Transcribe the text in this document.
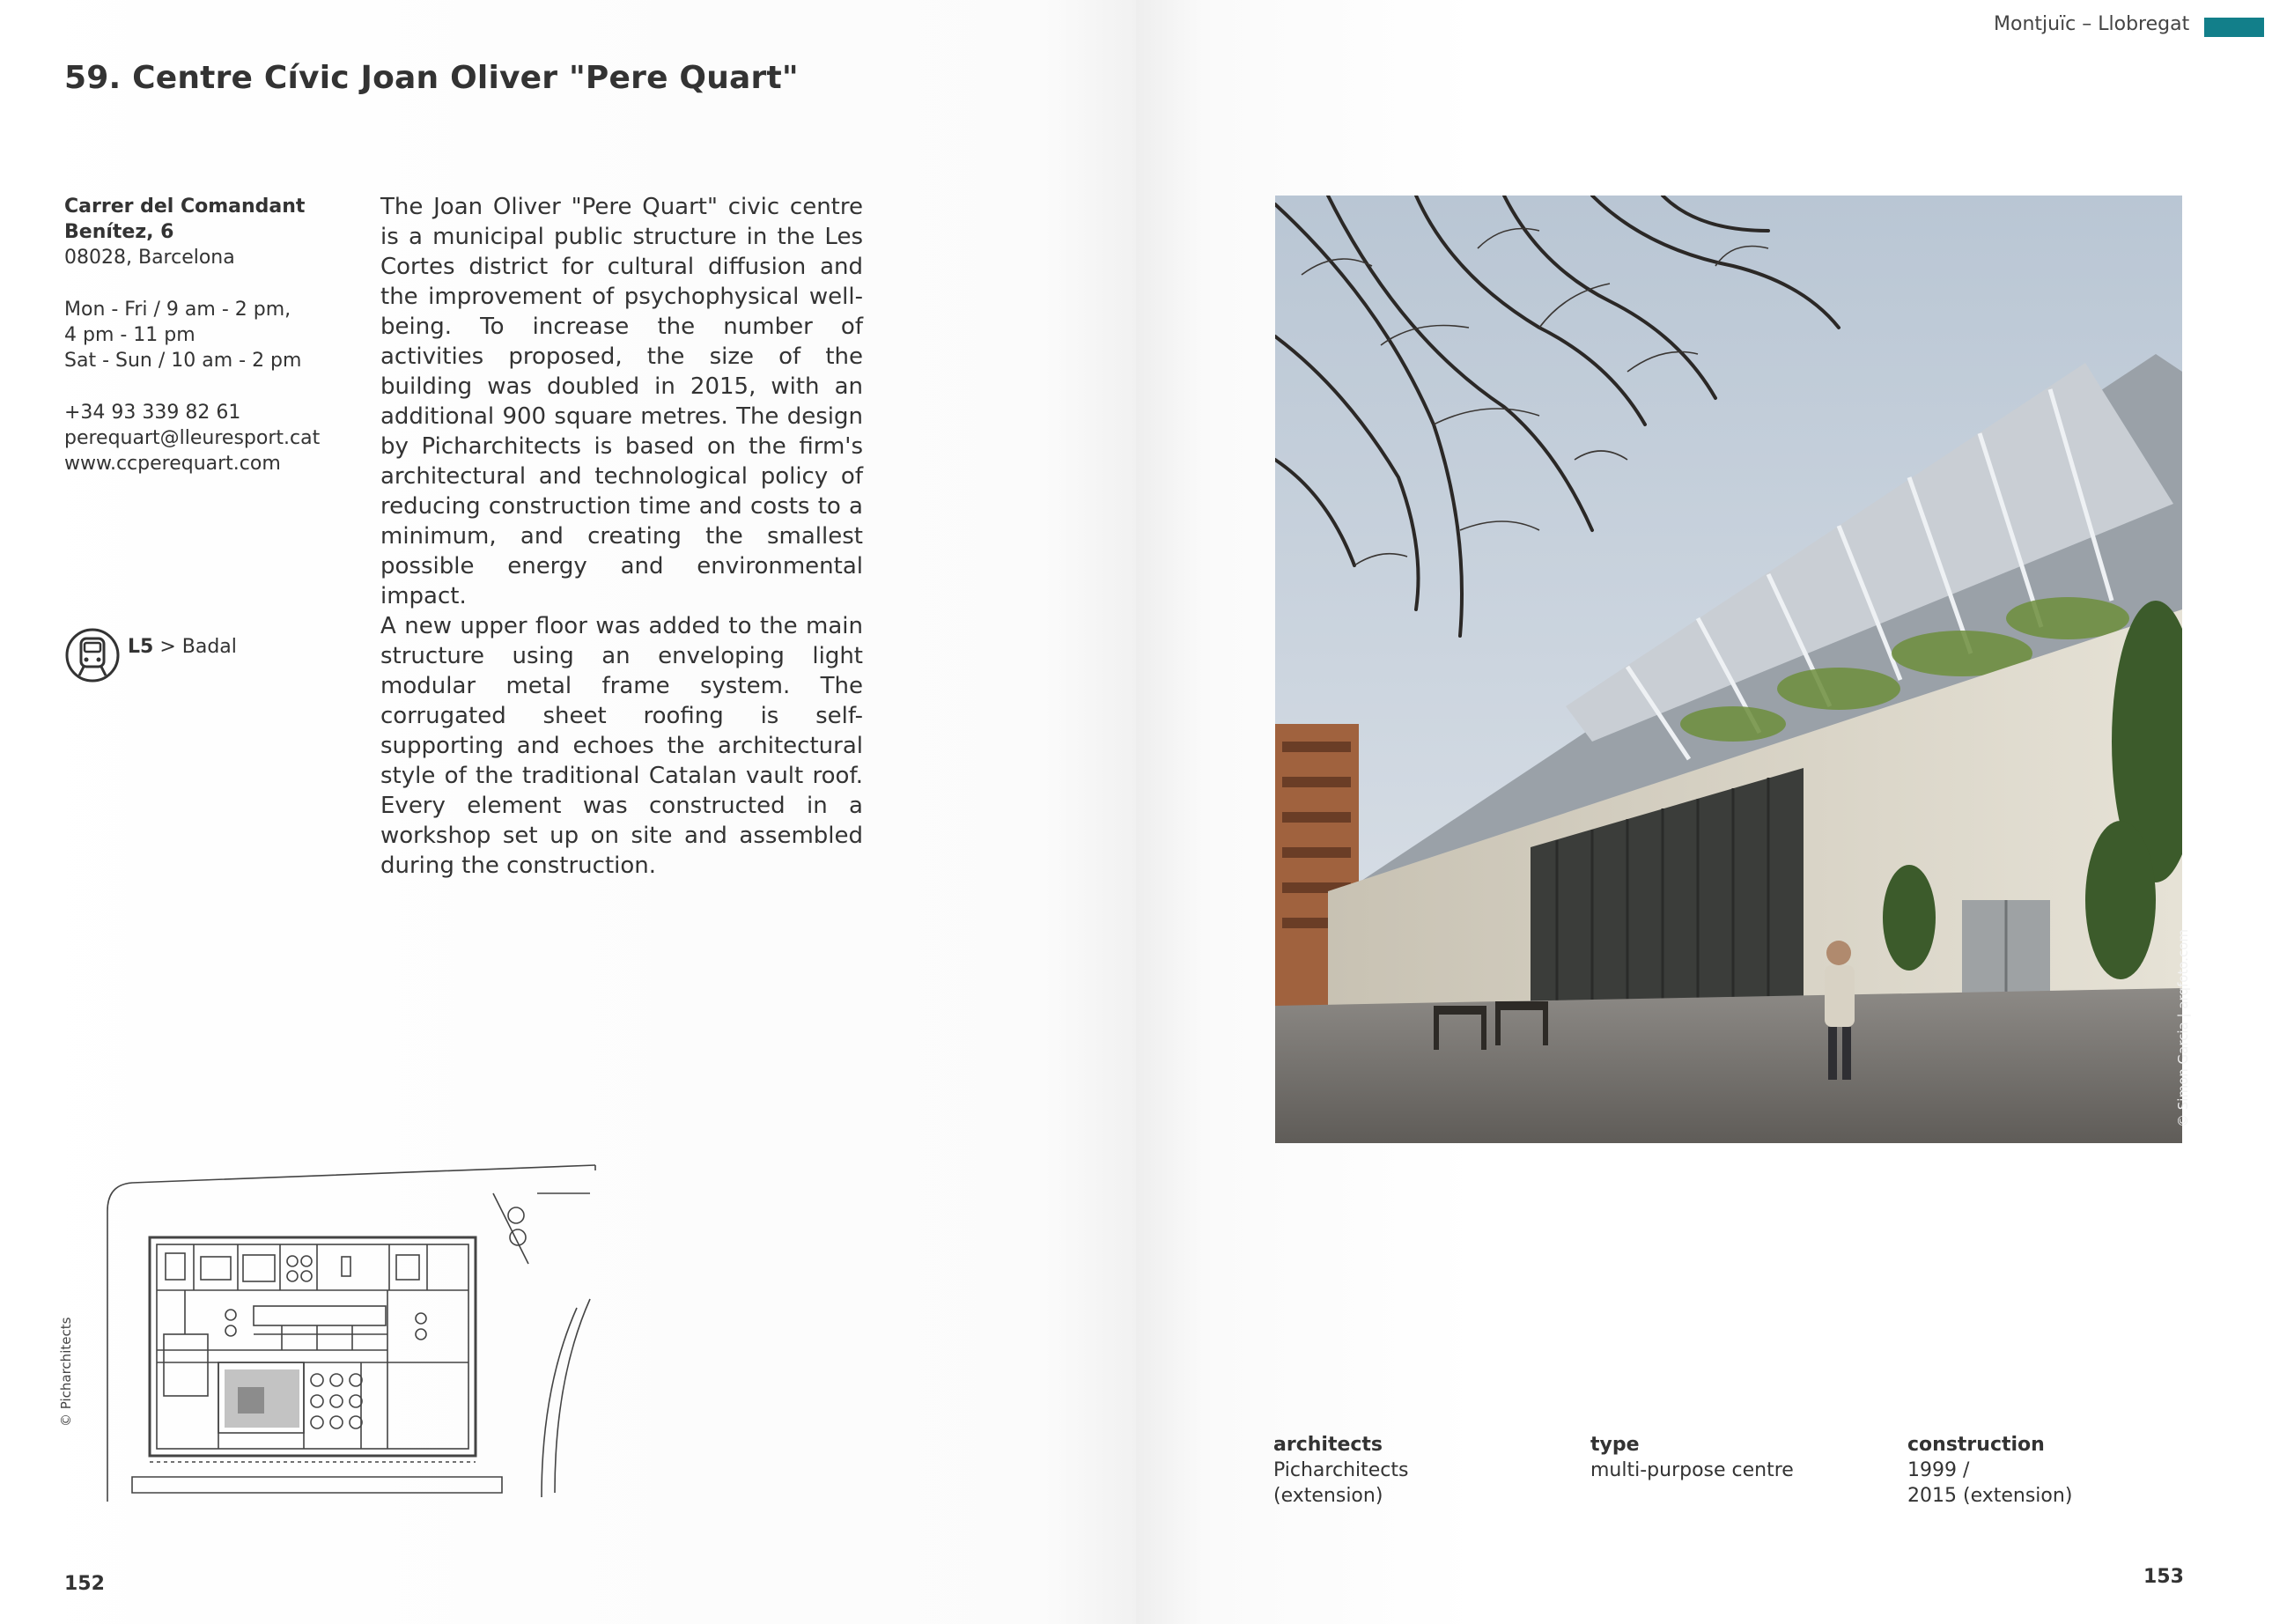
59. Centre Cívic Joan Oliver "Pere Quart"
Carrer del Comandant
Benítez, 6
08028, Barcelona
Mon - Fri / 9 am - 2 pm,
4 pm - 11 pm
Sat - Sun / 10 am - 2 pm
+34 93 339 82 61
perequart@lleuresport.cat
www.ccperequart.com
L5 > Badal

The Joan Oliver "Pere Quart" civic centre is a municipal public structure in the Les Cortes district for cultural diffusion and the improvement of psychophysical well-being. To increase the number of activities proposed, the size of the building was doubled in 2015, with an additional 900 square metres. The design by Picharchitects is based on the firm's architectural and technological policy of reducing construction time and costs to a minimum, and creating the smallest possible energy and environmental impact.

A new upper floor was added to the main structure using an enveloping light modular metal frame system. The corrugated sheet roofing is self-supporting and echoes the architectural style of the traditional Catalan vault roof. Every element was constructed in a workshop set up on site and assembled during the construction.

© Picharchitects
152
Montjuïc – Llobregat
© Simon Garcia | arqfoto.com
architects
Picharchitects
(extension)
type
multi-purpose centre
construction
1999 /
2015 (extension)
153
